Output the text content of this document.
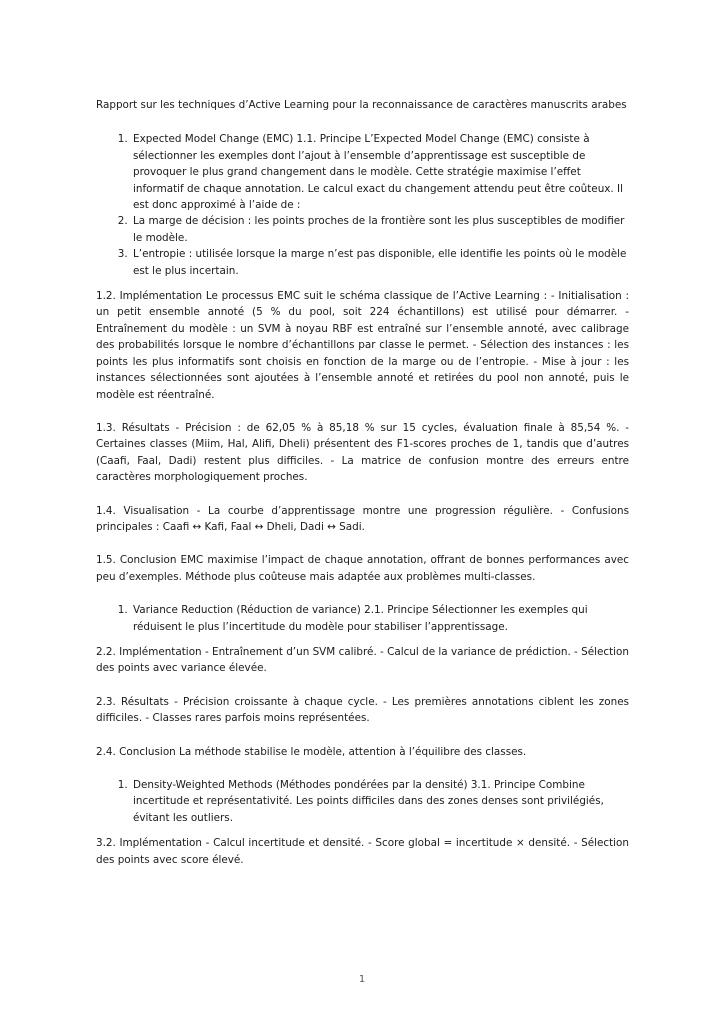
Rapport sur les techniques d’Active Learning pour la reconnaissance de caractères manuscrits arabes
1. Expected Model Change (EMC) 1.1. Principe L’Expected Model Change (EMC) consiste à sélectionner les exemples dont l’ajout à l’ensemble d’apprentissage est susceptible de provoquer le plus grand changement dans le modèle. Cette stratégie maximise l’effet informatif de chaque annotation. Le calcul exact du changement attendu peut être coûteux. Il est donc approximé à l’aide de :
2. La marge de décision : les points proches de la frontière sont les plus susceptibles de modifier le modèle.
3. L’entropie : utilisée lorsque la marge n’est pas disponible, elle identifie les points où le modèle est le plus incertain.

1.2. Implémentation Le processus EMC suit le schéma classique de l’Active Learning : - Initialisation : un petit ensemble annoté (5 % du pool, soit 224 échantillons) est utilisé pour démarrer. - Entraînement du modèle : un SVM à noyau RBF est entraîné sur l’ensemble annoté, avec calibrage des probabilités lorsque le nombre d’échantillons par classe le permet. - Sélection des instances : les points les plus informatifs sont choisis en fonction de la marge ou de l’entropie. - Mise à jour : les instances sélectionnées sont ajoutées à l’ensemble annoté et retirées du pool non annoté, puis le modèle est réentraîné.

1.3. Résultats - Précision : de 62,05 % à 85,18 % sur 15 cycles, évaluation finale à 85,54 %. - Certaines classes (Miim, Hal, Alifi, Dheli) présentent des F1-scores proches de 1, tandis que d’autres (Caafi, Faal, Dadi) restent plus difficiles. - La matrice de confusion montre des erreurs entre caractères morphologiquement proches.

1.4. Visualisation - La courbe d’apprentissage montre une progression régulière. - Confusions principales : Caafi ↔ Kafi, Faal ↔ Dheli, Dadi ↔ Sadi.

1.5. Conclusion EMC maximise l’impact de chaque annotation, offrant de bonnes performances avec peu d’exemples. Méthode plus coûteuse mais adaptée aux problèmes multi-classes.

1. Variance Reduction (Réduction de variance) 2.1. Principe Sélectionner les exemples qui réduisent le plus l’incertitude du modèle pour stabiliser l’apprentissage.

2.2. Implémentation - Entraînement d’un SVM calibré. - Calcul de la variance de prédiction. - Sélection des points avec variance élevée.

2.3. Résultats - Précision croissante à chaque cycle. - Les premières annotations ciblent les zones difficiles. - Classes rares parfois moins représentées.

2.4. Conclusion La méthode stabilise le modèle, attention à l’équilibre des classes.

1. Density-Weighted Methods (Méthodes pondérées par la densité) 3.1. Principe Combine incertitude et représentativité. Les points difficiles dans des zones denses sont privilégiés, évitant les outliers.

3.2. Implémentation - Calcul incertitude et densité. - Score global = incertitude × densité. - Sélection des points avec score élevé.

1
